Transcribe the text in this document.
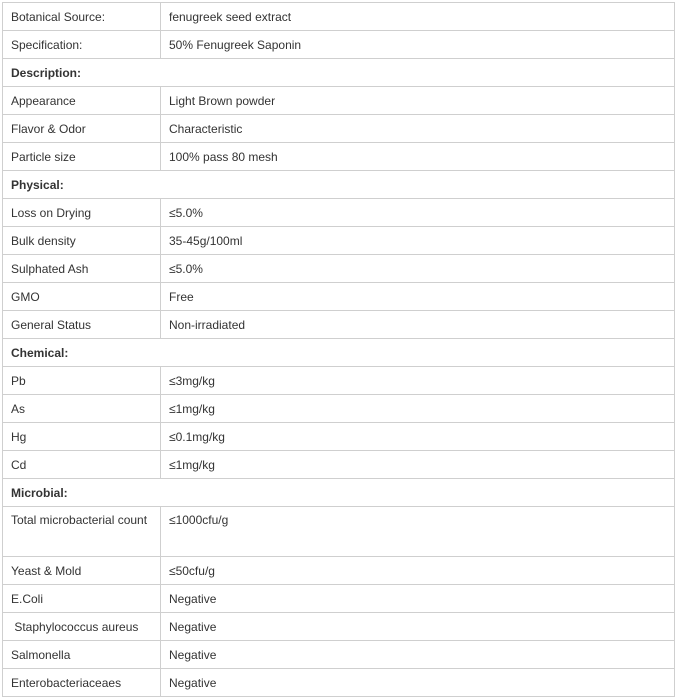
Botanical Source:	fenugreek seed extract
Specification:	50% Fenugreek Saponin
Description:	
Appearance	Light Brown powder
Flavor & Odor	Characteristic
Particle size	100% pass 80 mesh
Physical:	
Loss on Drying	≤5.0%
Bulk density	35-45g/100ml
Sulphated Ash	≤5.0%
GMO	Free
General Status	Non-irradiated
Chemical:	
Pb	≤3mg/kg
As	≤1mg/kg
Hg	≤0.1mg/kg
Cd	≤1mg/kg
Microbial:	
Total microbacterial count	≤1000cfu/g
Yeast & Mold	≤50cfu/g
E.Coli	Negative
Staphylococcus aureus	Negative
Salmonella	Negative
Enterobacteriaceaes	Negative
